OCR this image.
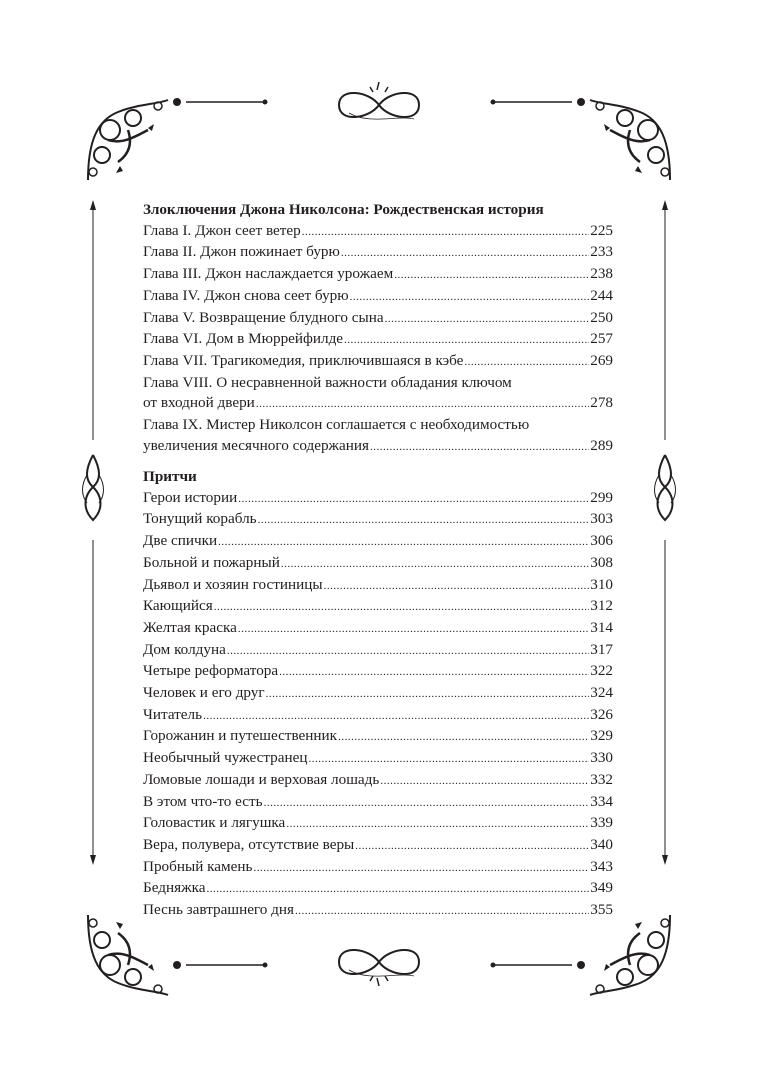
Злоключения Джона Николсона: Рождественская история
Глава I. Джон сеет ветер .....	225
Глава II. Джон пожинает бурю .....	233
Глава III. Джон наслаждается урожаем .....	238
Глава IV. Джон снова сеет бурю .....	244
Глава V. Возвращение блудного сына .....	250
Глава VI. Дом в Мюррейфилде .....	257
Глава VII. Трагикомедия, приключившаяся в кэбе .....	269
Глава VIII. О несравненной важности обладания ключом
от входной двери .....	278
Глава IX. Мистер Николсон соглашается с необходимостью
увеличения месячного содержания .....	289
Притчи
Герои истории .....	299
Тонущий корабль .....	303
Две спички .....	306
Больной и пожарный .....	308
Дьявол и хозяин гостиницы .....	310
Кающийся .....	312
Желтая краска .....	314
Дом колдуна .....	317
Четыре реформатора .....	322
Человек и его друг .....	324
Читатель .....	326
Горожанин и путешественник .....	329
Необычный чужестранец .....	330
Ломовые лошади и верховая лошадь .....	332
В этом что-то есть .....	334
Головастик и лягушка .....	339
Вера, полувера, отсутствие веры .....	340
Пробный камень .....	343
Бедняжка .....	349
Песнь завтрашнего дня .....	355
